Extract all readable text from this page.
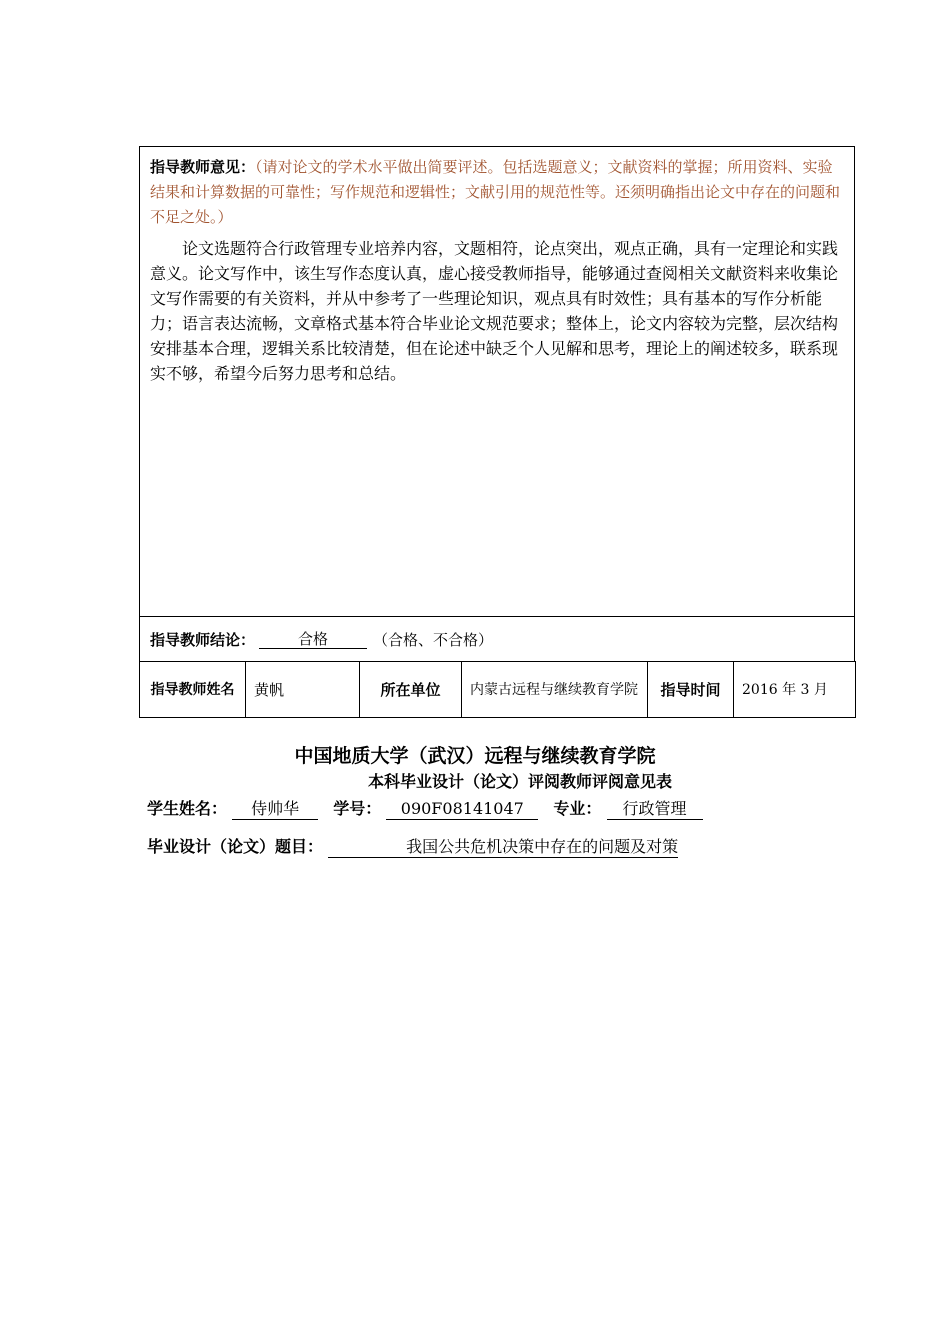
指导教师意见：（请对论文的学术水平做出简要评述。包括选题意义；文献资料的掌握；所用资料、实验结果和计算数据的可靠性；写作规范和逻辑性；文献引用的规范性等。还须明确指出论文中存在的问题和不足之处。）

论文选题符合行政管理专业培养内容，文题相符，论点突出，观点正确，具有一定理论和实践意义。论文写作中，该生写作态度认真，虚心接受教师指导，能够通过查阅相关文献资料来收集论文写作需要的有关资料，并从中参考了一些理论知识，观点具有时效性；具有基本的写作分析能力；语言表达流畅，文章格式基本符合毕业论文规范要求；整体上，论文内容较为完整，层次结构安排基本合理，逻辑关系比较清楚，但在论述中缺乏个人见解和思考，理论上的阐述较多，联系现实不够，希望今后努力思考和总结。

指导教师结论：	合格	（合格、不合格）
指导教师姓名	黄帆	所在单位	内蒙古远程与继续教育学院	指导时间	2016 年 3 月
中国地质大学（武汉）远程与继续教育学院
本科毕业设计（论文）评阅教师评阅意见表
学生姓名： 侍帅华 学号： 090F08141047 专业： 行政管理
毕业设计（论文）题目：	我国公共危机决策中存在的问题及对策
